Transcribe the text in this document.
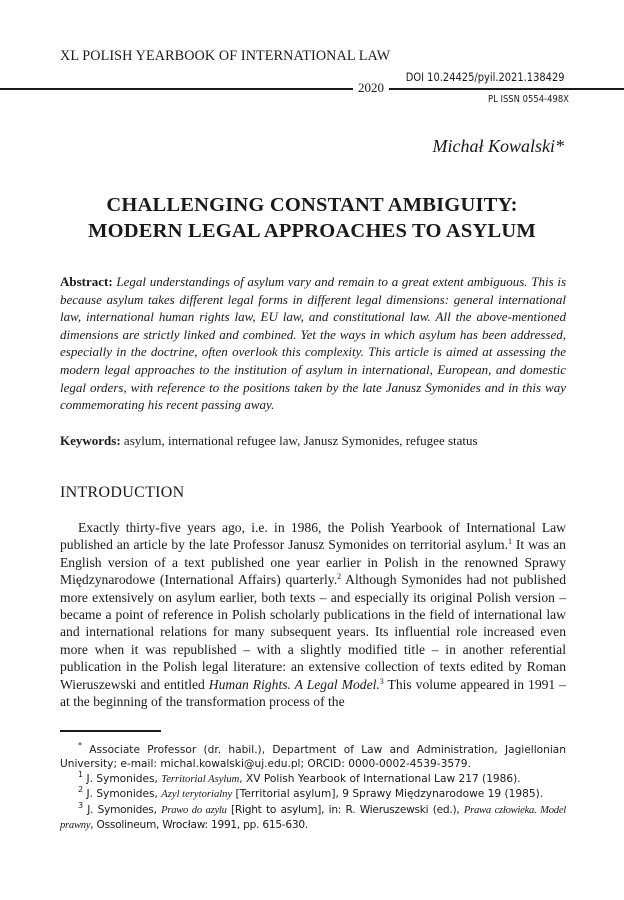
XL POLISH YEARBOOK OF INTERNATIONAL LAW
DOI 10.24425/pyil.2021.138429
2020
PL ISSN 0554-498X
Michał Kowalski*
CHALLENGING CONSTANT AMBIGUITY:
MODERN LEGAL APPROACHES TO ASYLUM
Abstract: Legal understandings of asylum vary and remain to a great extent ambiguous. This is because asylum takes different legal forms in different legal dimensions: general international law, international human rights law, EU law, and constitutional law. All the above-mentioned dimensions are strictly linked and combined. Yet the ways in which asylum has been addressed, especially in the doctrine, often overlook this complexity. This article is aimed at assessing the modern legal approaches to the institution of asylum in international, European, and domestic legal orders, with reference to the positions taken by the late Janusz Symonides and in this way commemorating his recent passing away.
Keywords: asylum, international refugee law, Janusz Symonides, refugee status
INTRODUCTION

Exactly thirty-five years ago, i.e. in 1986, the Polish Yearbook of International Law published an article by the late Professor Janusz Symonides on territorial asylum.$^1$ It was an English version of a text published one year earlier in Polish in the renowned Sprawy Międzynarodowe (International Affairs) quarterly.$^2$ Although Symonides had not published more extensively on asylum earlier, both texts – and especially its original Polish version – became a point of reference in Polish scholarly publications in the field of international law and international relations for many subsequent years. Its influential role increased even more when it was republished – with a slightly modified title – in another referential publication in the Polish legal literature: an extensive collection of texts edited by Roman Wieruszewski and entitled Human Rights. A Legal Model.$^3$ This volume appeared in 1991 – at the beginning of the transformation process of the

* Associate Professor (dr. habil.), Department of Law and Administration, Jagiellonian University; e-mail: michal.kowalski@uj.edu.pl; ORCID: 0000-0002-4539-3579.

$^1$ J. Symonides, Territorial Asylum, XV Polish Yearbook of International Law 217 (1986).

$^2$ J. Symonides, Azyl terytorialny [Territorial asylum], 9 Sprawy Międzynarodowe 19 (1985).

$^3$ J. Symonides, Prawo do azylu [Right to asylum], in: R. Wieruszewski (ed.), Prawa człowieka. Model prawny, Ossolineum, Wrocław: 1991, pp. 615-630.
